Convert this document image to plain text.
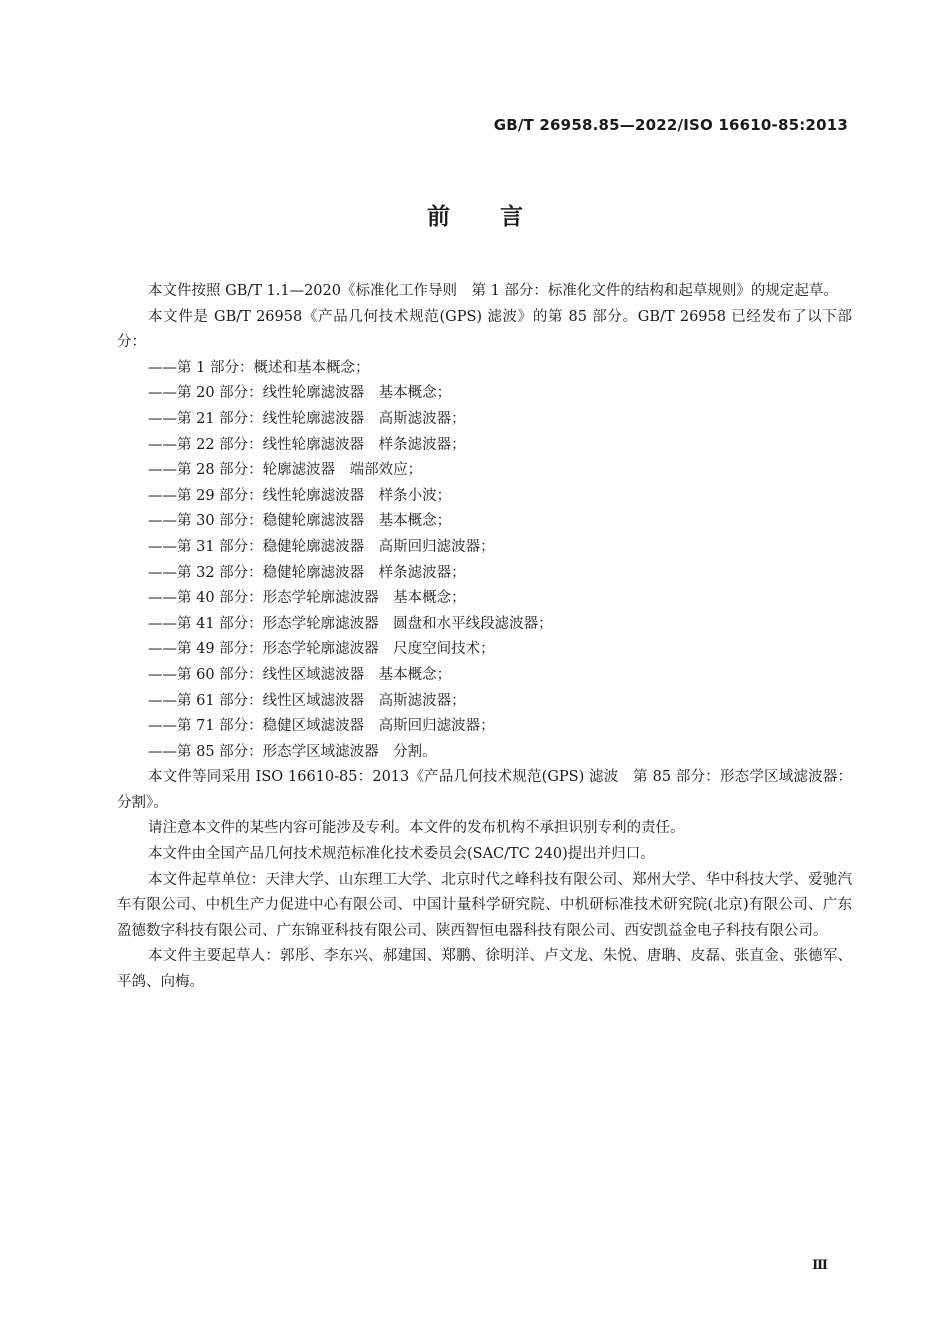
GB/T 26958.85—2022/ISO 16610-85:2013
前言

本文件按照 GB/T 1.1—2020《标准化工作导则　第 1 部分：标准化文件的结构和起草规则》的规定起草。

本文件是 GB/T 26958《产品几何技术规范(GPS) 滤波》的第 85 部分。GB/T 26958 已经发布了以下部分：

——第 1 部分：概述和基本概念；

——第 20 部分：线性轮廓滤波器　基本概念；

——第 21 部分：线性轮廓滤波器　高斯滤波器；

——第 22 部分：线性轮廓滤波器　样条滤波器；

——第 28 部分：轮廓滤波器　端部效应；

——第 29 部分：线性轮廓滤波器　样条小波；

——第 30 部分：稳健轮廓滤波器　基本概念；

——第 31 部分：稳健轮廓滤波器　高斯回归滤波器；

——第 32 部分：稳健轮廓滤波器　样条滤波器；

——第 40 部分：形态学轮廓滤波器　基本概念；

——第 41 部分：形态学轮廓滤波器　圆盘和水平线段滤波器；

——第 49 部分：形态学轮廓滤波器　尺度空间技术；

——第 60 部分：线性区域滤波器　基本概念；

——第 61 部分：线性区域滤波器　高斯滤波器；

——第 71 部分：稳健区域滤波器　高斯回归滤波器；

——第 85 部分：形态学区域滤波器　分割。

本文件等同采用 ISO 16610-85：2013《产品几何技术规范(GPS) 滤波　第 85 部分：形态学区域滤波器：分割》。

请注意本文件的某些内容可能涉及专利。本文件的发布机构不承担识别专利的责任。

本文件由全国产品几何技术规范标准化技术委员会(SAC/TC 240)提出并归口。

本文件起草单位：天津大学、山东理工大学、北京时代之峰科技有限公司、郑州大学、华中科技大学、爱驰汽车有限公司、中机生产力促进中心有限公司、中国计量科学研究院、中机研标准技术研究院(北京)有限公司、广东盈德数字科技有限公司、广东锦亚科技有限公司、陕西智恒电器科技有限公司、西安凯益金电子科技有限公司。

本文件主要起草人：郭彤、李东兴、郝建国、郑鹏、徐明洋、卢文龙、朱悦、唐聃、皮磊、张直金、张德军、平鸽、向梅。

Ⅲ
